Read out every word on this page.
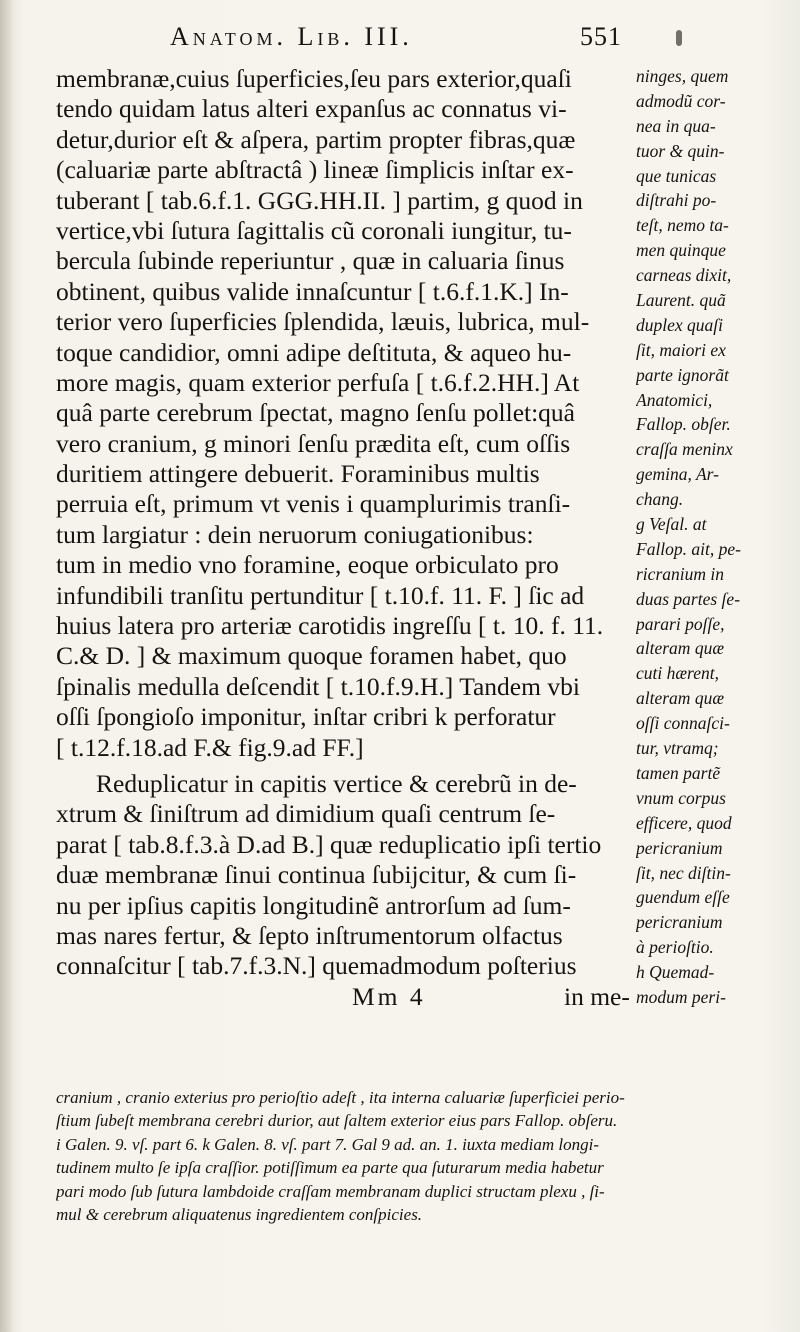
Anatom. Lib. III.	551
membranæ,cuius ſuperficies,ſeu pars exterior,quaſi
tendo quidam latus alteri expanſus ac connatus vi-
detur,durior eſt & aſpera, partim propter fibras,quæ
(caluariæ parte abſtractâ ) lineæ ſimplicis inſtar ex-
tuberant [ tab.6.f.1. GGG.HH.II. ] partim, g quod in
vertice,vbi ſutura ſagittalis cũ coronali iungitur, tu-
bercula ſubinde reperiuntur , quæ in caluaria ſinus
obtinent, quibus valide innaſcuntur [ t.6.f.1.K.] In-
terior vero ſuperficies ſplendida, læuis, lubrica, mul-
toque candidior, omni adipe deſtituta, & aqueo hu-
more magis, quam exterior perfuſa [ t.6.f.2.HH.] At
quâ parte cerebrum ſpectat, magno ſenſu pollet:quâ
vero cranium, g minori ſenſu prædita eſt, cum oſſis
duritiem attingere debuerit. Foraminibus multis
perruia eſt, primum vt venis i quamplurimis tranſi-
tum largiatur : dein neruorum coniugationibus:
tum in medio vno foramine, eoque orbiculato pro
infundibili tranſitu pertunditur [ t.10.f. 11. F. ] ſic ad
huius latera pro arteriæ carotidis ingreſſu [ t. 10. f. 11.
C.& D. ] & maximum quoque foramen habet, quo
ſpinalis medulla deſcendit [ t.10.f.9.H.] Tandem vbi
oſſi ſpongioſo imponitur, inſtar cribri k perforatur
[ t.12.f.18.ad F.& fig.9.ad FF.]
Reduplicatur in capitis vertice & cerebrũ in de-
xtrum & ſiniſtrum ad dimidium quaſi centrum ſe-
parat [ tab.8.f.3.à D.ad B.] quæ reduplicatio ipſi tertio
duæ membranæ ſinui continua ſubijcitur, & cum ſi-
nu per ipſius capitis longitudinẽ antrorſum ad ſum-
mas nares fertur, & ſepto inſtrumentorum olfactus
connaſcitur [ tab.7.f.3.N.] quemadmodum poſterius
Mm 4	in me-
ninges, quem
admodũ cor-
nea in qua-
tuor & quin-
que tunicas
diſtrahi po-
teſt, nemo ta-
men quinque
carneas dixit,
Laurent. quã
duplex quaſi
ſit, maiori ex
parte ignorãt
Anatomici,
Fallop. obſer.
craſſa meninx
gemina, Ar-
chang.
g Veſal. at
Fallop. ait, pe-
ricranium in
duas partes ſe-
parari poſſe,
alteram quæ
cuti hærent,
alteram quæ
oſſi connaſci-
tur, vtramq;
tamen partẽ
vnum corpus
efficere, quod
pericranium
ſit, nec diſtin-
guendum eſſe
pericranium
à perioſtio.
h Quemad-
modum peri-
cranium , cranio exterius pro perioſtio adeſt , ita interna caluariæ ſuperficiei perio-
ſtium ſubeſt membrana cerebri durior, aut ſaltem exterior eius pars Fallop. obſeru.
i Galen. 9. vſ. part 6. k Galen. 8. vſ. part 7. Gal 9 ad. an. 1. iuxta mediam longi-
tudinem multo ſe ipſa craſſior. potiſſimum ea parte qua ſuturarum media habetur
pari modo ſub ſutura lambdoide craſſam membranam duplici structam plexu , ſi-
mul & cerebrum aliquatenus ingredientem conſpicies.
